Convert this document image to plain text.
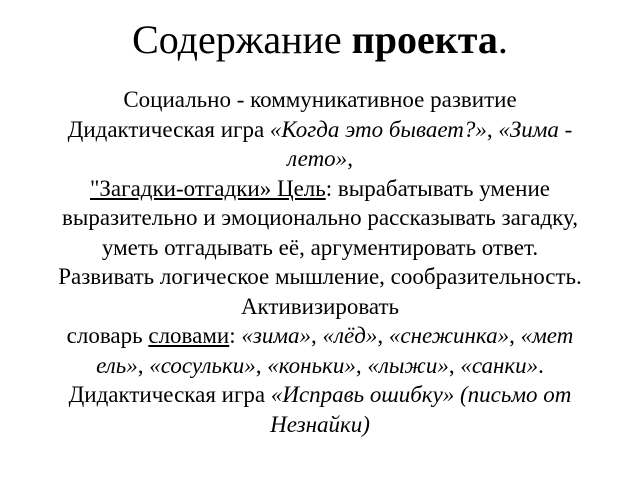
Содержание проекта.
Социально - коммуникативное развитие
Дидактическая игра «Когда это бывает?», «Зима -
лето»,
"Загадки-отгадки» Цель: вырабатывать умение
выразительно и эмоционально рассказывать загадку,
уметь отгадывать её, аргументировать ответ.
Развивать логическое мышление, сообразительность.
Активизировать
словарь словами: «зима», «лёд», «снежинка», «мет
ель», «сосульки», «коньки», «лыжи», «санки».
Дидактическая игра «Исправь ошибку» (письмо от
Незнайки)
